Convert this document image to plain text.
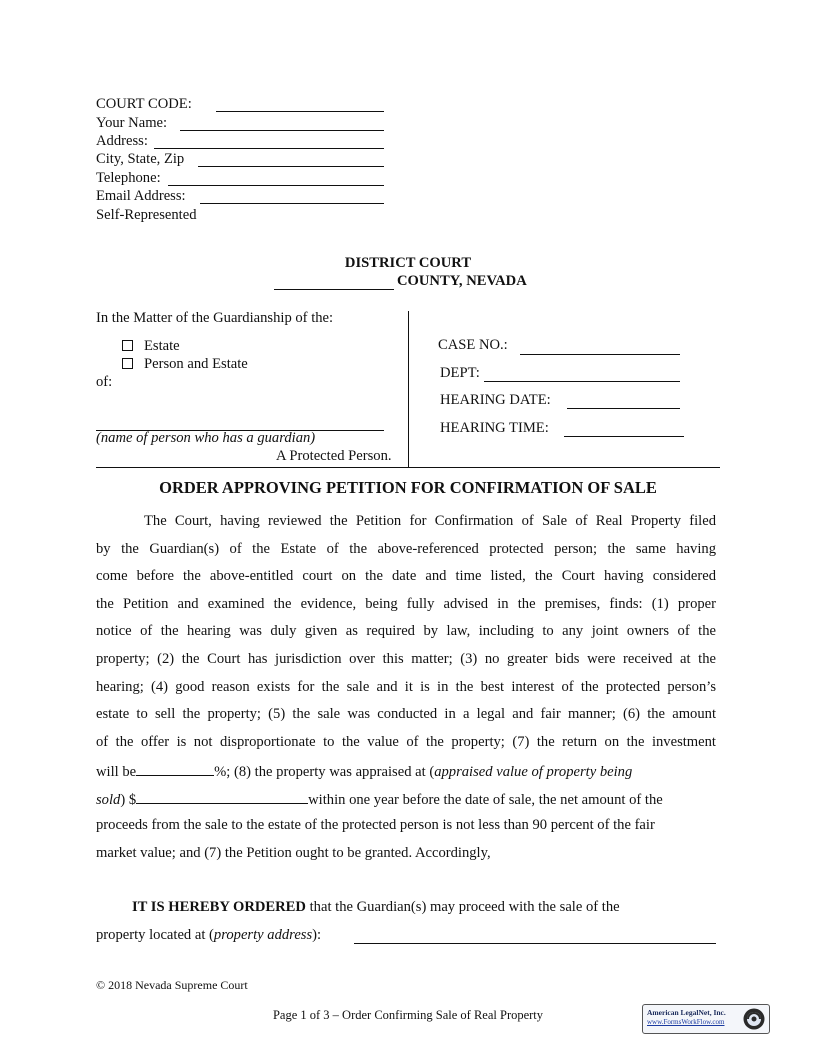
COURT CODE:
Your Name:
Address:
City, State, Zip
Telephone:
Email Address:
Self-Represented
DISTRICT COURT
COUNTY, NEVADA
In the Matter of the Guardianship of the:
Estate
Person and Estate
of:
(name of person who has a guardian)
A Protected Person.
CASE NO.:
DEPT:
HEARING DATE:
HEARING TIME:
ORDER APPROVING PETITION FOR CONFIRMATION OF SALE
The Court, having reviewed the Petition for Confirmation of Sale of Real Property filed
by the Guardian(s) of the Estate of the above-referenced protected person; the same having
come before the above-entitled court on the date and time listed, the Court having considered
the Petition and examined the evidence, being fully advised in the premises, finds: (1) proper
notice of the hearing was duly given as required by law, including to any joint owners of the
property; (2) the Court has jurisdiction over this matter; (3) no greater bids were received at the
hearing; (4) good reason exists for the sale and it is in the best interest of the protected person’s
estate to sell the property; (5) the sale was conducted in a legal and fair manner; (6) the amount
of the offer is not disproportionate to the value of the property; (7) the return on the investment
will be	%; (8) the property was appraised at (appraised value of property being
sold) $	within one year before the date of sale, the net amount of the
proceeds from the sale to the estate of the protected person is not less than 90 percent of the fair
market value; and (7) the Petition ought to be granted. Accordingly,
IT IS HEREBY ORDERED that the Guardian(s) may proceed with the sale of the
property located at (property address):
© 2018 Nevada Supreme Court
Page 1 of 3 – Order Confirming Sale of Real Property	American LegalNet, Inc.
www.FormsWorkFlow.com
